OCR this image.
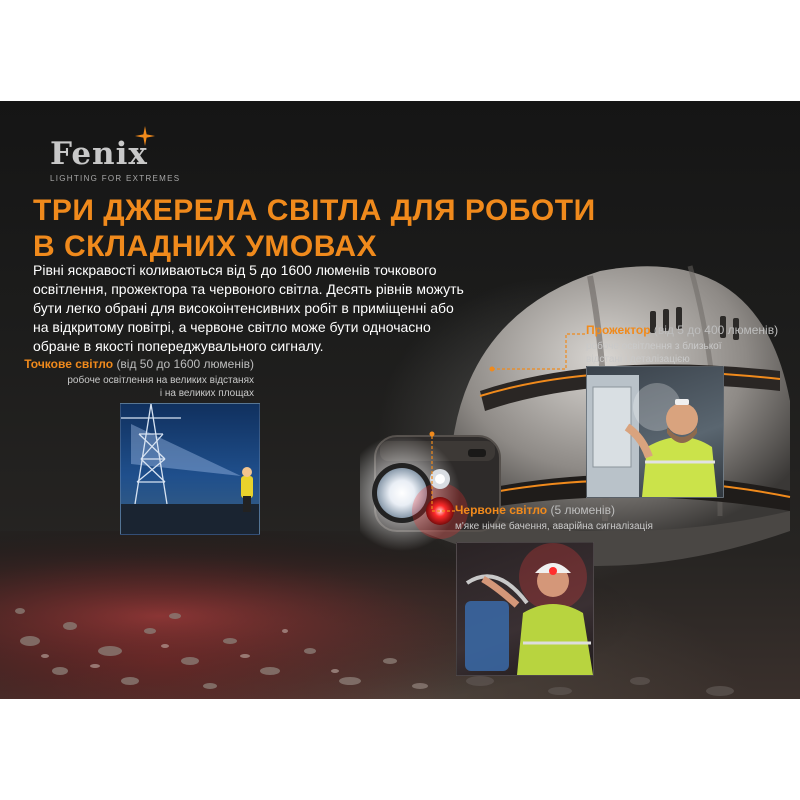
Fenix
LIGHTING FOR EXTREMES
ТРИ ДЖЕРЕЛА СВІТЛА ДЛЯ РОБОТИ
В СКЛАДНИХ УМОВАХ

Рівні яскравості коливаються від 5 до 1600 люменів точкового освітлення, прожектора та червоного світла. Десять рівнів можуть бути легко обрані для високоінтенсивних робіт в приміщенні або на відкритому повітрі, а червоне світло може бути одночасно обране в якості попереджувального сигналу.

Точкове світло (від 50 до 1600 люменів)
робоче освітлення на великих відстанях
і на великих площах
Прожектор (від 5 до 400 люменів)
робоче освітлення з близької
відстані і деталізацією
Червоне світло (5 люменів)
м'яке нічне бачення, аварійна сигналізація
